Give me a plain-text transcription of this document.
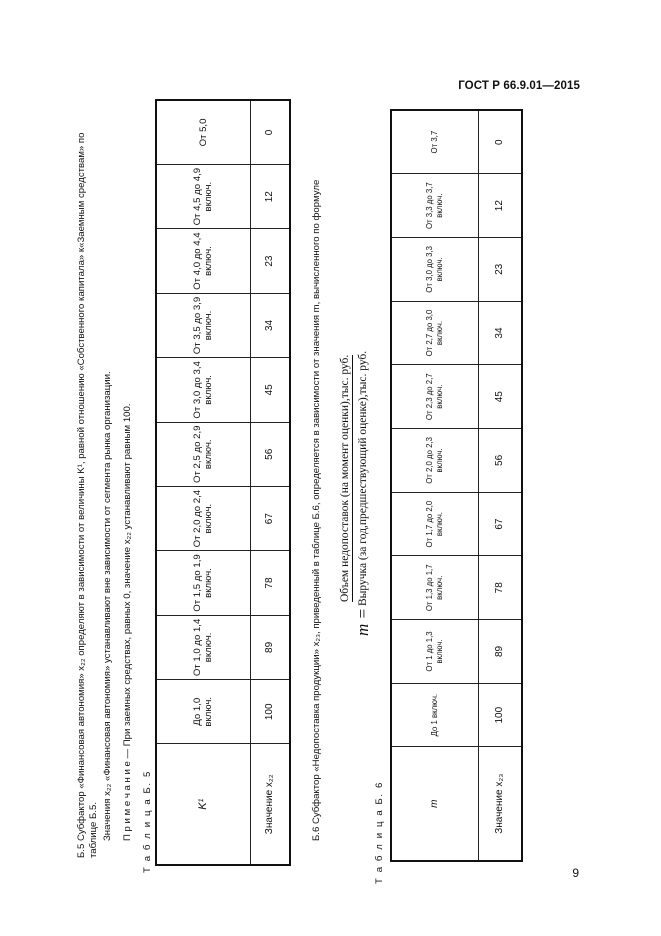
ГОСТ Р 66.9.01—2015
9
Б.5 Субфактор «Финансовая автономия» x₂₂ определяют в зависимости от величины K¹, равной отношению «Собственного капитала» к«Заемным средствам» по таблице Б.5. Значения x₂₂ «Финансовая автономия» устанавливают вне зависимости от сегмента рынка организации. П р и м е ч а н и е — При заемных средствах, равных 0, значение x₂₂ устанавливают равным 100. Т а б л и ц а Б. 5	K¹	До 1,0 включ.	От 1,0 до 1,4 включ.	От 1,5 до 1,9 включ.	От 2,0 до 2,4 включ.	От 2,5 до 2,9 включ.	От 3,0 до 3,4 включ.	От 3,5 до 3,9 включ.	От 4,0 до 4,4 включ.	От 4,5 до 4,9 включ.	От 5,0
Значение x₂₂	100	89	78	67	56	45	34	23	12	0
Б.6 Субфактор «Недопоставка продукции» x₂₃, приведенный в таблице Б.6, определяется в зависимости от значения m, вычисленного по формуле m =
Объем недопоставок (на момент оценки),тыс. руб. Выручка (за год,предшествующий оценке),тыс. руб.
Т а б л и ц а Б. 6	m	До 1 включ.	От 1 до 1,3 включ.	От 1,3 до 1,7 включ.	От 1,7 до 2,0 включ.	От 2,0 до 2,3 включ.	От 2,3 до 2,7 включ.	От 2,7 до 3,0 включ.	От 3,0 до 3,3 включ.	От 3,3 до 3,7 включ.	От 3,7
Значение x₂₃	100	89	78	67	56	45	34	23	12	0
